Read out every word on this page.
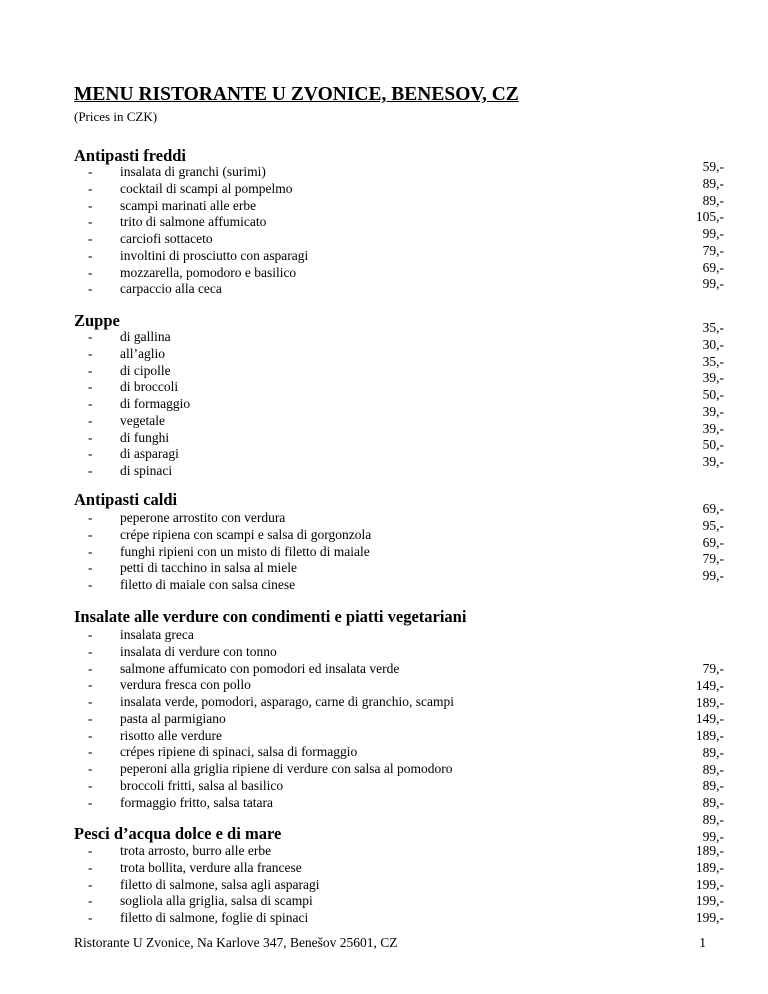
MENU RISTORANTE U ZVONICE, BENESOV, CZ
(Prices in CZK)
Antipasti freddi
- insalata di granchi (surimi)
- cocktail di scampi al pompelmo
- scampi marinati alle erbe
- trito di salmone affumicato
- carciofi sottaceto
- involtini di prosciutto con asparagi
- mozzarella, pomodoro e basilico
- carpaccio alla ceca
59,-
89,-
89,-
105,-
99,-
79,-
69,-
99,-
Zuppe
- di gallina
- all’aglio
- di cipolle
- di broccoli
- di formaggio
- vegetale
- di funghi
- di asparagi
- di spinaci
35,-
30,-
35,-
39,-
50,-
39,-
39,-
50,-
39,-
Antipasti caldi
- peperone arrostito con verdura
- crépe ripiena con scampi e salsa di gorgonzola
- funghi ripieni con un misto di filetto di maiale
- petti di tacchino in salsa al miele
- filetto di maiale con salsa cinese
69,-
95,-
69,-
79,-
99,-
Insalate alle verdure con condimenti e piatti vegetariani
- insalata greca
- insalata di verdure con tonno
- salmone affumicato con pomodori ed insalata verde
- verdura fresca con pollo
- insalata verde, pomodori, asparago, carne di granchio, scampi
- pasta al parmigiano
- risotto alle verdure
- crépes ripiene di spinaci, salsa di formaggio
- peperoni alla griglia ripiene di verdure con salsa al pomodoro
- broccoli fritti, salsa al basilico
- formaggio fritto, salsa tatara
79,-
149,-
189,-
149,-
189,-
89,-
89,-
89,-
89,-
89,-
99,-
Pesci d’acqua dolce e di mare
- trota arrosto, burro alle erbe
- trota bollita, verdure alla francese
- filetto di salmone, salsa agli asparagi
- sogliola alla griglia, salsa di scampi
- filetto di salmone, foglie di spinaci
189,-
189,-
199,-
199,-
199,-
Ristorante U Zvonice, Na Karlove 347, Benešov 25601, CZ	1
